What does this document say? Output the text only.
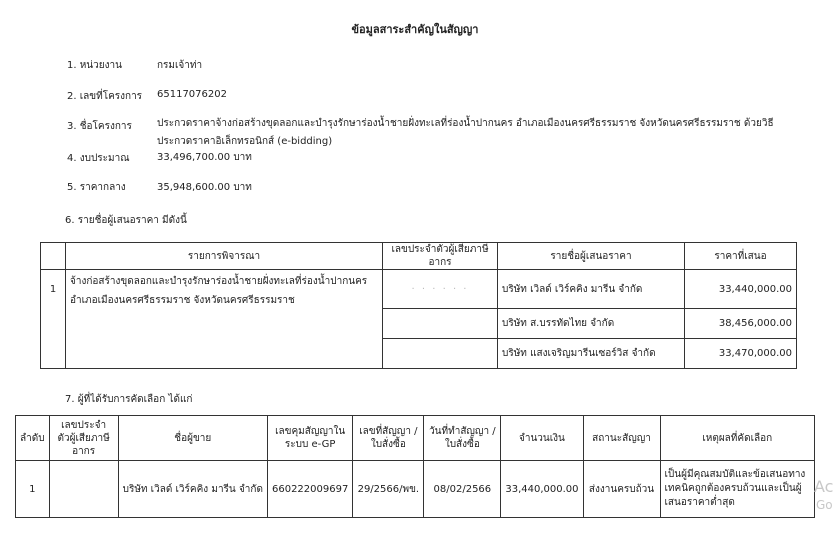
ข้อมูลสาระสำคัญในสัญญา
1. หน่วยงาน	กรมเจ้าท่า
2. เลขที่โครงการ 65117076202
3. ชื่อโครงการ	ประกวดราคาจ้างก่อสร้างขุดลอกและบำรุงรักษาร่องน้ำชายฝั่งทะเลที่ร่องน้ำปากนคร อำเภอเมืองนครศรีธรรมราช จังหวัดนครศรีธรรมราช ด้วยวิธีประกวดราคาอิเล็กทรอนิกส์ (e-bidding)
4. งบประมาณ	33,496,700.00 บาท
5. ราคากลาง	35,948,600.00 บาท
6. รายชื่อผู้เสนอราคา มีดังนี้
	รายการพิจารณา	เลขประจำตัวผู้เสียภาษีอากร	รายชื่อผู้เสนอราคา	ราคาที่เสนอ
1	จ้างก่อสร้างขุดลอกและบำรุงรักษาร่องน้ำชายฝั่งทะเลที่ร่องน้ำปากนคร อำเภอเมืองนครศรีธรรมราช จังหวัดนครศรีธรรมราช	· · · · · ·	บริษัท เวิลด์ เวิร์คคิง มารีน จำกัด	33,440,000.00
			บริษัท ส.บรรทัดไทย จำกัด	38,456,000.00
			บริษัท แสงเจริญมารีนเซอร์วิส จำกัด	33,470,000.00
7. ผู้ที่ได้รับการคัดเลือก ได้แก่
ลำดับ	เลขประจำตัวผู้เสียภาษีอากร	ชื่อผู้ขาย	เลขคุมสัญญาในระบบ e-GP	เลขที่สัญญา /ใบสั่งซื้อ	วันที่ทำสัญญา /ใบสั่งซื้อ	จำนวนเงิน	สถานะสัญญา	เหตุผลที่คัดเลือก
1		บริษัท เวิลด์ เวิร์คคิง มารีน จำกัด	660222009697	29/2566/พข.	08/02/2566	33,440,000.00	ส่งงานครบถ้วน	เป็นผู้มีคุณสมบัติและข้อเสนอทางเทคนิคถูกต้องครบถ้วนและเป็นผู้เสนอราคาต่ำสุด
Ac
Go
